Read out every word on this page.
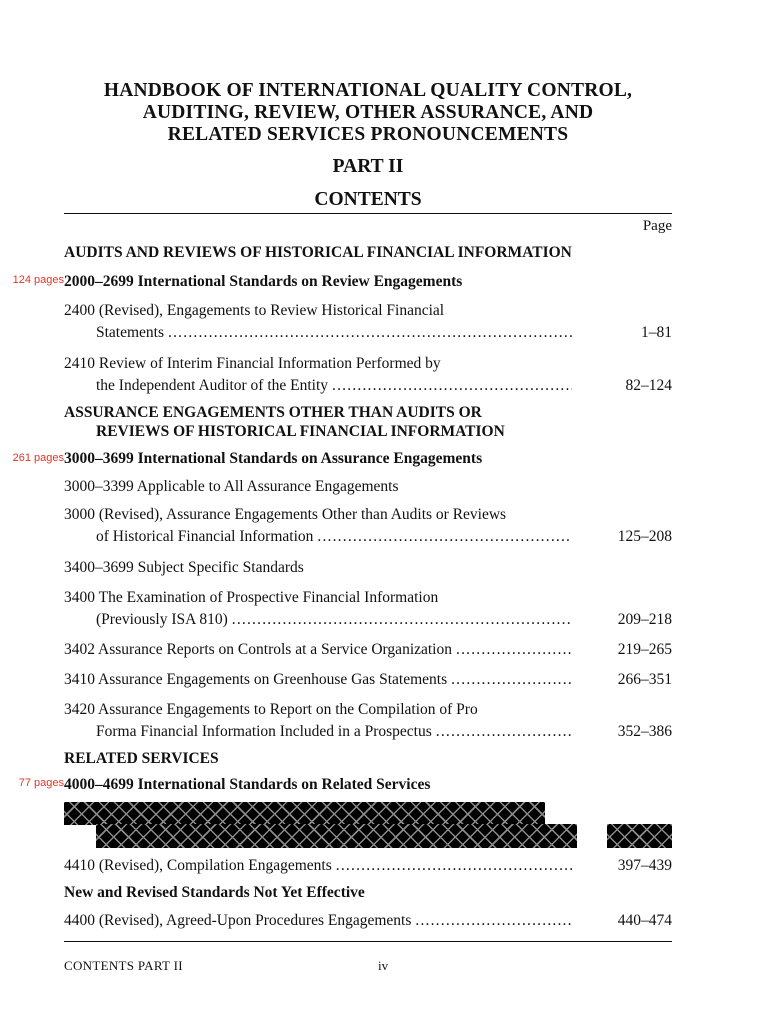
HANDBOOK OF INTERNATIONAL QUALITY CONTROL,
AUDITING, REVIEW, OTHER ASSURANCE, AND
RELATED SERVICES PRONOUNCEMENTS
PART II
CONTENTS
Page
AUDITS AND REVIEWS OF HISTORICAL FINANCIAL INFORMATION
124 pages 2000–2699 International Standards on Review Engagements
2400 (Revised), Engagements to Review Historical Financial
Statements .....	1–81
2410 Review of Interim Financial Information Performed by
the Independent Auditor of the Entity .....	82–124
ASSURANCE ENGAGEMENTS OTHER THAN AUDITS OR
REVIEWS OF HISTORICAL FINANCIAL INFORMATION
261 pages 3000–3699 International Standards on Assurance Engagements
3000–3399 Applicable to All Assurance Engagements
3000 (Revised), Assurance Engagements Other than Audits or Reviews
of Historical Financial Information .....	125–208
3400–3699 Subject Specific Standards
3400 The Examination of Prospective Financial Information
(Previously ISA 810) .....	209–218
3402 Assurance Reports on Controls at a Service Organization .....	219–265
3410 Assurance Engagements on Greenhouse Gas Statements .....	266–351
3420 Assurance Engagements to Report on the Compilation of Pro
Forma Financial Information Included in a Prospectus .....	352–386
RELATED SERVICES
77 pages 4000–4699 International Standards on Related Services
4410 (Revised), Compilation Engagements .....	397–439
New and Revised Standards Not Yet Effective
4400 (Revised), Agreed-Upon Procedures Engagements .....	440–474
CONTENTS PART II	iv
